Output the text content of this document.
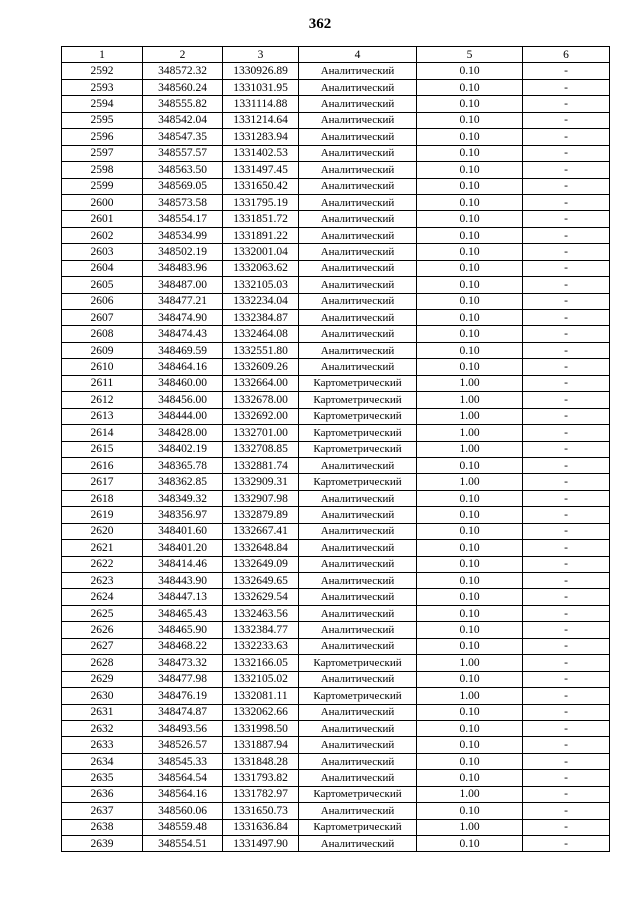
362
1	2	3	4	5	6
2592	348572.32	1330926.89	Аналитический	0.10	-
2593	348560.24	1331031.95	Аналитический	0.10	-
2594	348555.82	1331114.88	Аналитический	0.10	-
2595	348542.04	1331214.64	Аналитический	0.10	-
2596	348547.35	1331283.94	Аналитический	0.10	-
2597	348557.57	1331402.53	Аналитический	0.10	-
2598	348563.50	1331497.45	Аналитический	0.10	-
2599	348569.05	1331650.42	Аналитический	0.10	-
2600	348573.58	1331795.19	Аналитический	0.10	-
2601	348554.17	1331851.72	Аналитический	0.10	-
2602	348534.99	1331891.22	Аналитический	0.10	-
2603	348502.19	1332001.04	Аналитический	0.10	-
2604	348483.96	1332063.62	Аналитический	0.10	-
2605	348487.00	1332105.03	Аналитический	0.10	-
2606	348477.21	1332234.04	Аналитический	0.10	-
2607	348474.90	1332384.87	Аналитический	0.10	-
2608	348474.43	1332464.08	Аналитический	0.10	-
2609	348469.59	1332551.80	Аналитический	0.10	-
2610	348464.16	1332609.26	Аналитический	0.10	-
2611	348460.00	1332664.00	Картометрический	1.00	-
2612	348456.00	1332678.00	Картометрический	1.00	-
2613	348444.00	1332692.00	Картометрический	1.00	-
2614	348428.00	1332701.00	Картометрический	1.00	-
2615	348402.19	1332708.85	Картометрический	1.00	-
2616	348365.78	1332881.74	Аналитический	0.10	-
2617	348362.85	1332909.31	Картометрический	1.00	-
2618	348349.32	1332907.98	Аналитический	0.10	-
2619	348356.97	1332879.89	Аналитический	0.10	-
2620	348401.60	1332667.41	Аналитический	0.10	-
2621	348401.20	1332648.84	Аналитический	0.10	-
2622	348414.46	1332649.09	Аналитический	0.10	-
2623	348443.90	1332649.65	Аналитический	0.10	-
2624	348447.13	1332629.54	Аналитический	0.10	-
2625	348465.43	1332463.56	Аналитический	0.10	-
2626	348465.90	1332384.77	Аналитический	0.10	-
2627	348468.22	1332233.63	Аналитический	0.10	-
2628	348473.32	1332166.05	Картометрический	1.00	-
2629	348477.98	1332105.02	Аналитический	0.10	-
2630	348476.19	1332081.11	Картометрический	1.00	-
2631	348474.87	1332062.66	Аналитический	0.10	-
2632	348493.56	1331998.50	Аналитический	0.10	-
2633	348526.57	1331887.94	Аналитический	0.10	-
2634	348545.33	1331848.28	Аналитический	0.10	-
2635	348564.54	1331793.82	Аналитический	0.10	-
2636	348564.16	1331782.97	Картометрический	1.00	-
2637	348560.06	1331650.73	Аналитический	0.10	-
2638	348559.48	1331636.84	Картометрический	1.00	-
2639	348554.51	1331497.90	Аналитический	0.10	-
